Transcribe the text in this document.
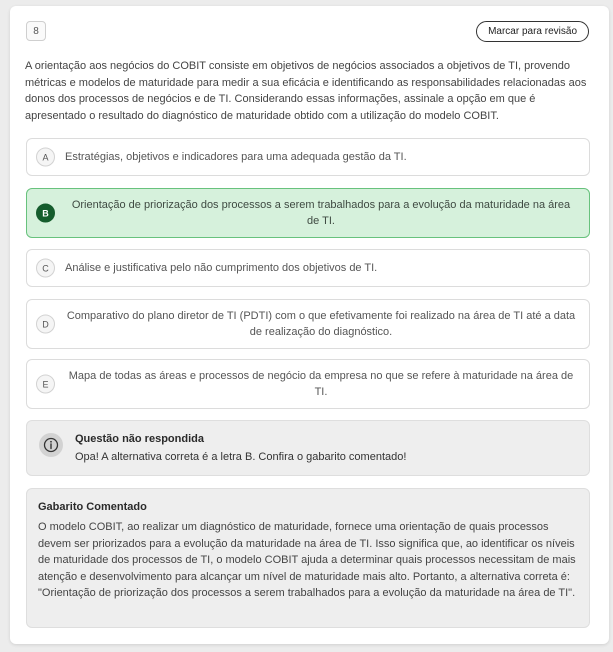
8	Marcar para revisão

A orientação aos negócios do COBIT consiste em objetivos de negócios associados a objetivos de TI, provendo métricas e modelos de maturidade para medir a sua eficácia e identificando as responsabilidades relacionadas aos donos dos processos de negócios e de TI. Considerando essas informações, assinale a opção em que é apresentado o resultado do diagnóstico de maturidade obtido com a utilização do modelo COBIT.

A	Estratégias, objetivos e indicadores para uma adequada gestão da TI.
B
Orientação de priorização dos processos a serem trabalhados para a evolução da maturidade na área de TI.
C	Análise e justificativa pelo não cumprimento dos objetivos de TI.
D
Comparativo do plano diretor de TI (PDTI) com o que efetivamente foi realizado na área de TI até a data de realização do diagnóstico.
E
Mapa de todas as áreas e processos de negócio da empresa no que se refere à maturidade na área de TI.
Questão não respondida
Opa! A alternativa correta é a letra B. Confira o gabarito comentado!
Gabarito Comentado

O modelo COBIT, ao realizar um diagnóstico de maturidade, fornece uma orientação de quais processos devem ser priorizados para a evolução da maturidade na área de TI. Isso significa que, ao identificar os níveis de maturidade dos processos de TI, o modelo COBIT ajuda a determinar quais processos necessitam de mais atenção e desenvolvimento para alcançar um nível de maturidade mais alto. Portanto, a alternativa correta é: "Orientação de priorização dos processos a serem trabalhados para a evolução da maturidade na área de TI".
